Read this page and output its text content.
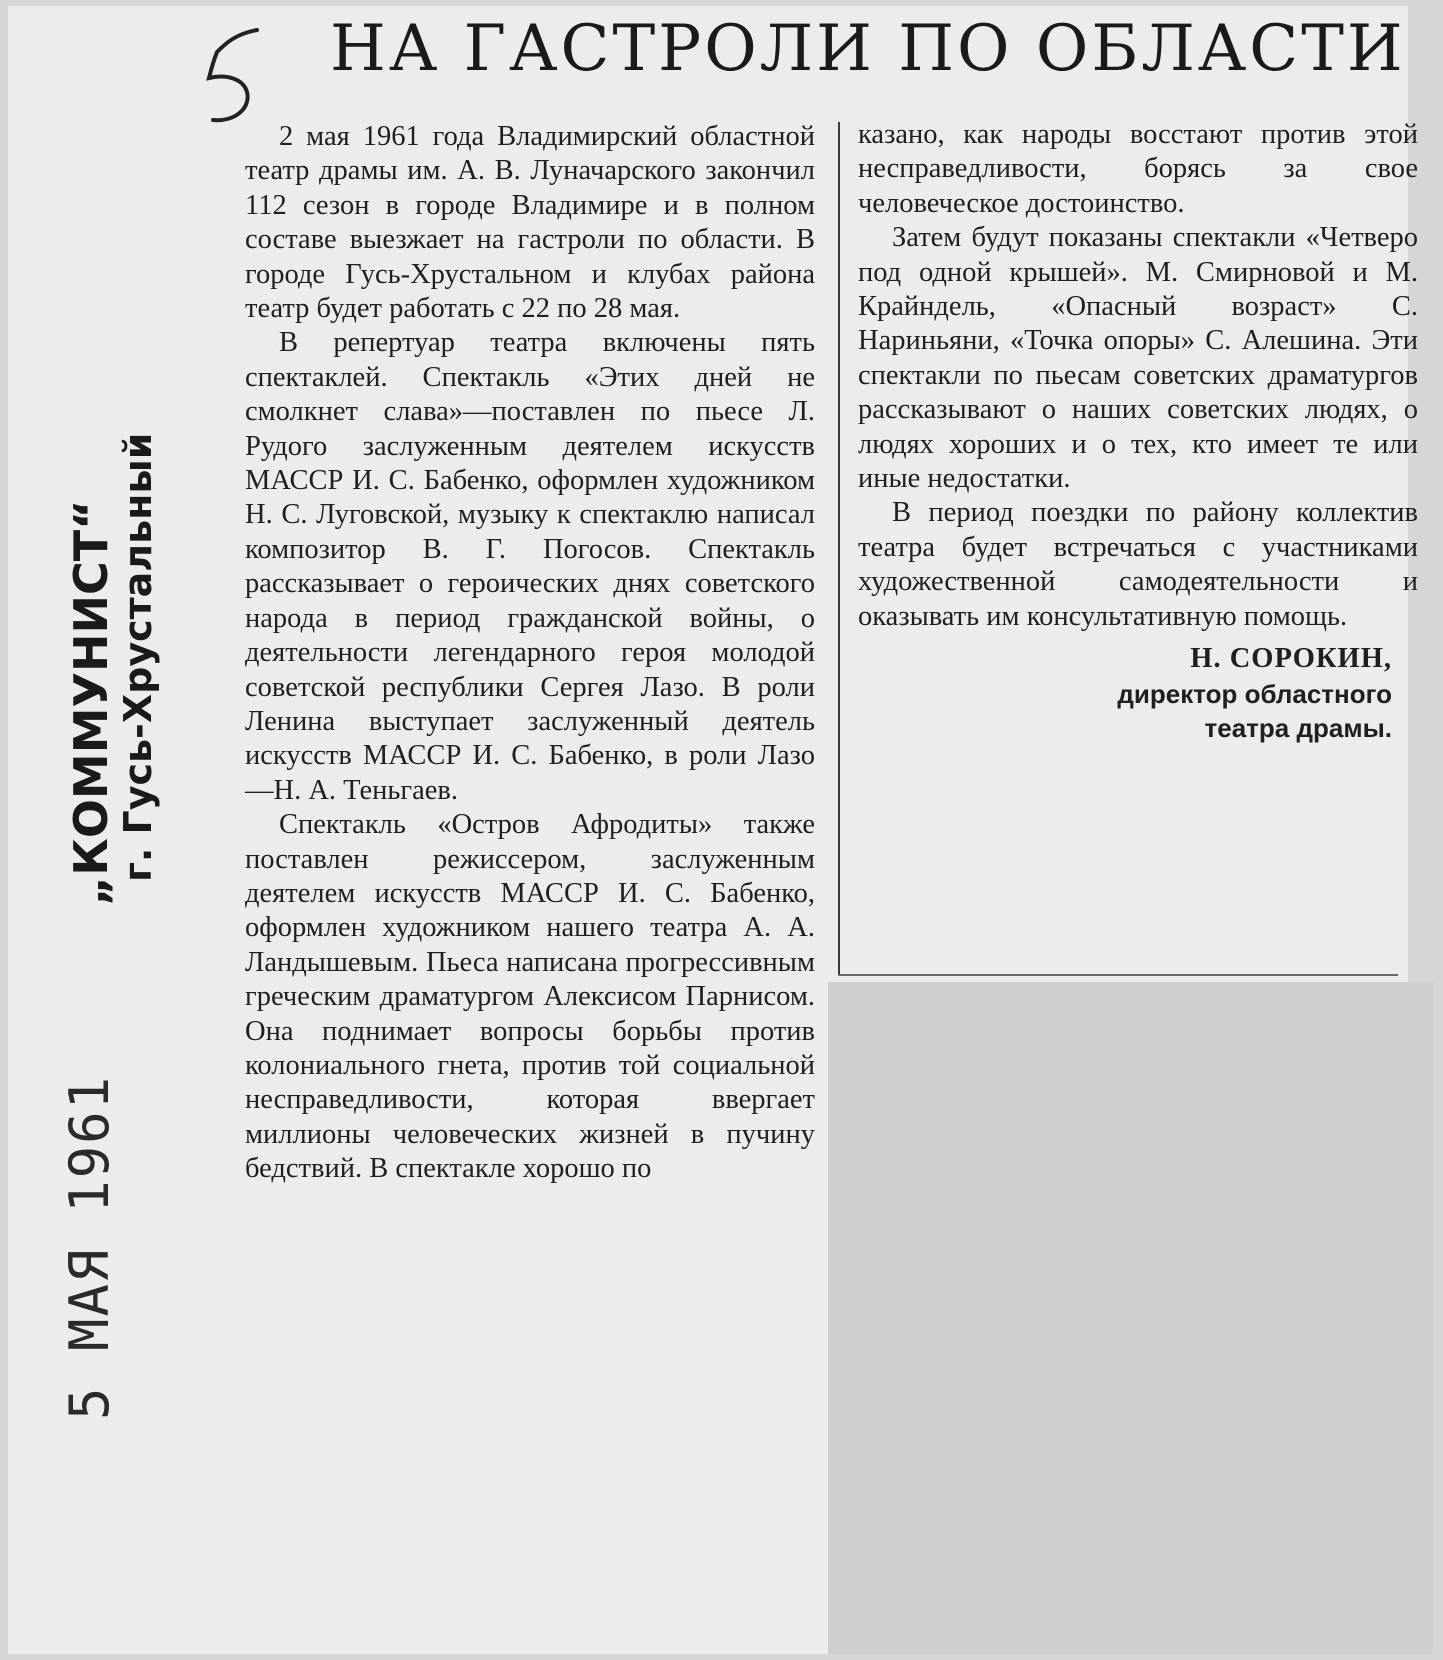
НА ГАСТРОЛИ ПО ОБЛАСТИ
„КОММУНИСТ“
г. Гусь-Хрустальный
5 МАЯ 1961

2 мая 1961 года Владимирский областной театр драмы им. А. В. Луначарского закончил 112 сезон в городе Владимире и в полном составе выезжает на гастроли по области. В городе Гусь-Хрустальном и клубах района театр будет работать с 22 по 28 мая.

В репертуар театра включены пять спектаклей. Спектакль «Этих дней не смолкнет слава»—поставлен по пьесе Л. Рудого заслуженным деятелем искусств МАССР И. С. Бабенко, оформлен художником Н. С. Луговской, музыку к спектаклю написал композитор В. Г. Погосов. Спектакль рассказывает о героических днях советского народа в период гражданской войны, о деятельности легендарного героя молодой советской республики Сергея Лазо. В роли Ленина выступает заслуженный деятель искусств МАССР И. С. Бабенко, в роли Лазо—Н. А. Теньгаев.

Спектакль «Остров Афродиты» также поставлен режиссером, заслуженным деятелем искусств МАССР И. С. Бабенко, оформлен художником нашего театра А. А. Ландышевым. Пьеса написана прогрессивным греческим драматургом Алексисом Парнисом. Она поднимает вопросы борьбы против колониального гнета, против той социальной несправедливости, которая ввергает миллионы человеческих жизней в пучину бедствий. В спектакле хорошо по

казано, как народы восстают против этой несправедливости, борясь за свое человеческое достоинство.

Затем будут показаны спектакли «Четверо под одной крышей». М. Смирновой и М. Крайндель, «Опасный возраст» С. Нариньяни, «Точка опоры» С. Алешина. Эти спектакли по пьесам советских драматургов рассказывают о наших советских людях, о людях хороших и о тех, кто имеет те или иные недостатки.

В период поездки по району коллектив театра будет встречаться с участниками художественной самодеятельности и оказывать им консультативную помощь.

Н. СОРОКИН,

директор областного

театра драмы.
